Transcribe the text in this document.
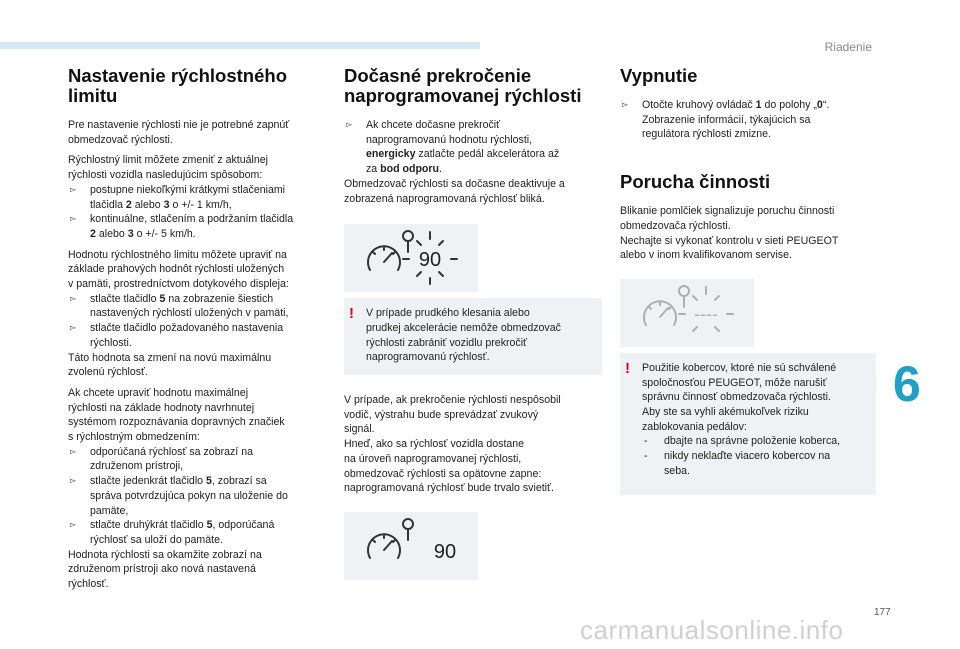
Riadenie
6
177
carmanualsonline.info
Nastavenie rýchlostného
limitu

Pre nastavenie rýchlosti nie je potrebné zapnúť
obmedzovač rýchlosti.

Rýchlostný limit môžete zmeniť z aktuálnej
rýchlosti vozidla nasledujúcim spôsobom:
▻ postupne niekoľkými krátkymi stlačeniami
tlačidla 2 alebo 3 o +/- 1 km/h,
▻ kontinuálne, stlačením a podržaním tlačidla
2 alebo 3 o +/- 5 km/h.

Hodnotu rýchlostného limitu môžete upraviť na
základe prahových hodnôt rýchlosti uložených
v pamäti, prostredníctvom dotykového displeja:
▻ stlačte tlačidlo 5 na zobrazenie šiestich
nastavených rýchlostí uložených v pamäti,
▻ stlačte tlačidlo požadovaného nastavenia
rýchlosti.
Táto hodnota sa zmení na novú maximálnu
zvolenú rýchlosť.

Ak chcete upraviť hodnotu maximálnej
rýchlosti na základe hodnoty navrhnutej
systémom rozpoznávania dopravných značiek
s rýchlostným obmedzením:
▻ odporúčaná rýchlosť sa zobrazí na
združenom prístroji,
▻ stlačte jedenkrát tlačidlo 5, zobrazí sa
správa potvrdzujúca pokyn na uloženie do
pamäte,
▻ stlačte druhýkrát tlačidlo 5, odporúčaná
rýchlosť sa uloží do pamäte.
Hodnota rýchlosti sa okamžite zobrazí na
združenom prístroji ako nová nastavená
rýchlosť.

Dočasné prekročenie
naprogramovanej rýchlosti

▻ Ak chcete dočasne prekročiť
naprogramovanú hodnotu rýchlosti,
energicky zatlačte pedál akcelerátora až
za bod odporu.
Obmedzovač rýchlosti sa dočasne deaktivuje a
zobrazená naprogramovaná rýchlosť bliká.

90
! V prípade prudkého klesania alebo
prudkej akcelerácie nemôže obmedzovač
rýchlosti zabrániť vozidlu prekročiť
naprogramovanú rýchlosť.

V prípade, ak prekročenie rýchlosti nespôsobil
vodič, výstrahu bude sprevádzať zvukový
signál.
Hneď, ako sa rýchlosť vozidla dostane
na úroveň naprogramovanej rýchlosti,
obmedzovač rýchlosti sa opätovne zapne:
naprogramovaná rýchlosť bude trvalo svietiť.

90
Vypnutie

▻ Otočte kruhový ovládač 1 do polohy „0“.
Zobrazenie informácií, týkajúcich sa
regulátora rýchlosti zmizne.

Porucha činnosti

Blikanie pomlčiek signalizuje poruchu činnosti
obmedzovača rýchlosti.
Nechajte si vykonať kontrolu v sieti PEUGEOT
alebo v inom kvalifikovanom servise.

----
! Použitie kobercov, ktoré nie sú schválené
spoločnosťou PEUGEOT, môže narušiť
správnu činnosť obmedzovača rýchlosti.
Aby ste sa vyhli akémukoľvek riziku
zablokovania pedálov:
- dbajte na správne položenie koberca,
- nikdy neklaďte viacero kobercov na
seba.
